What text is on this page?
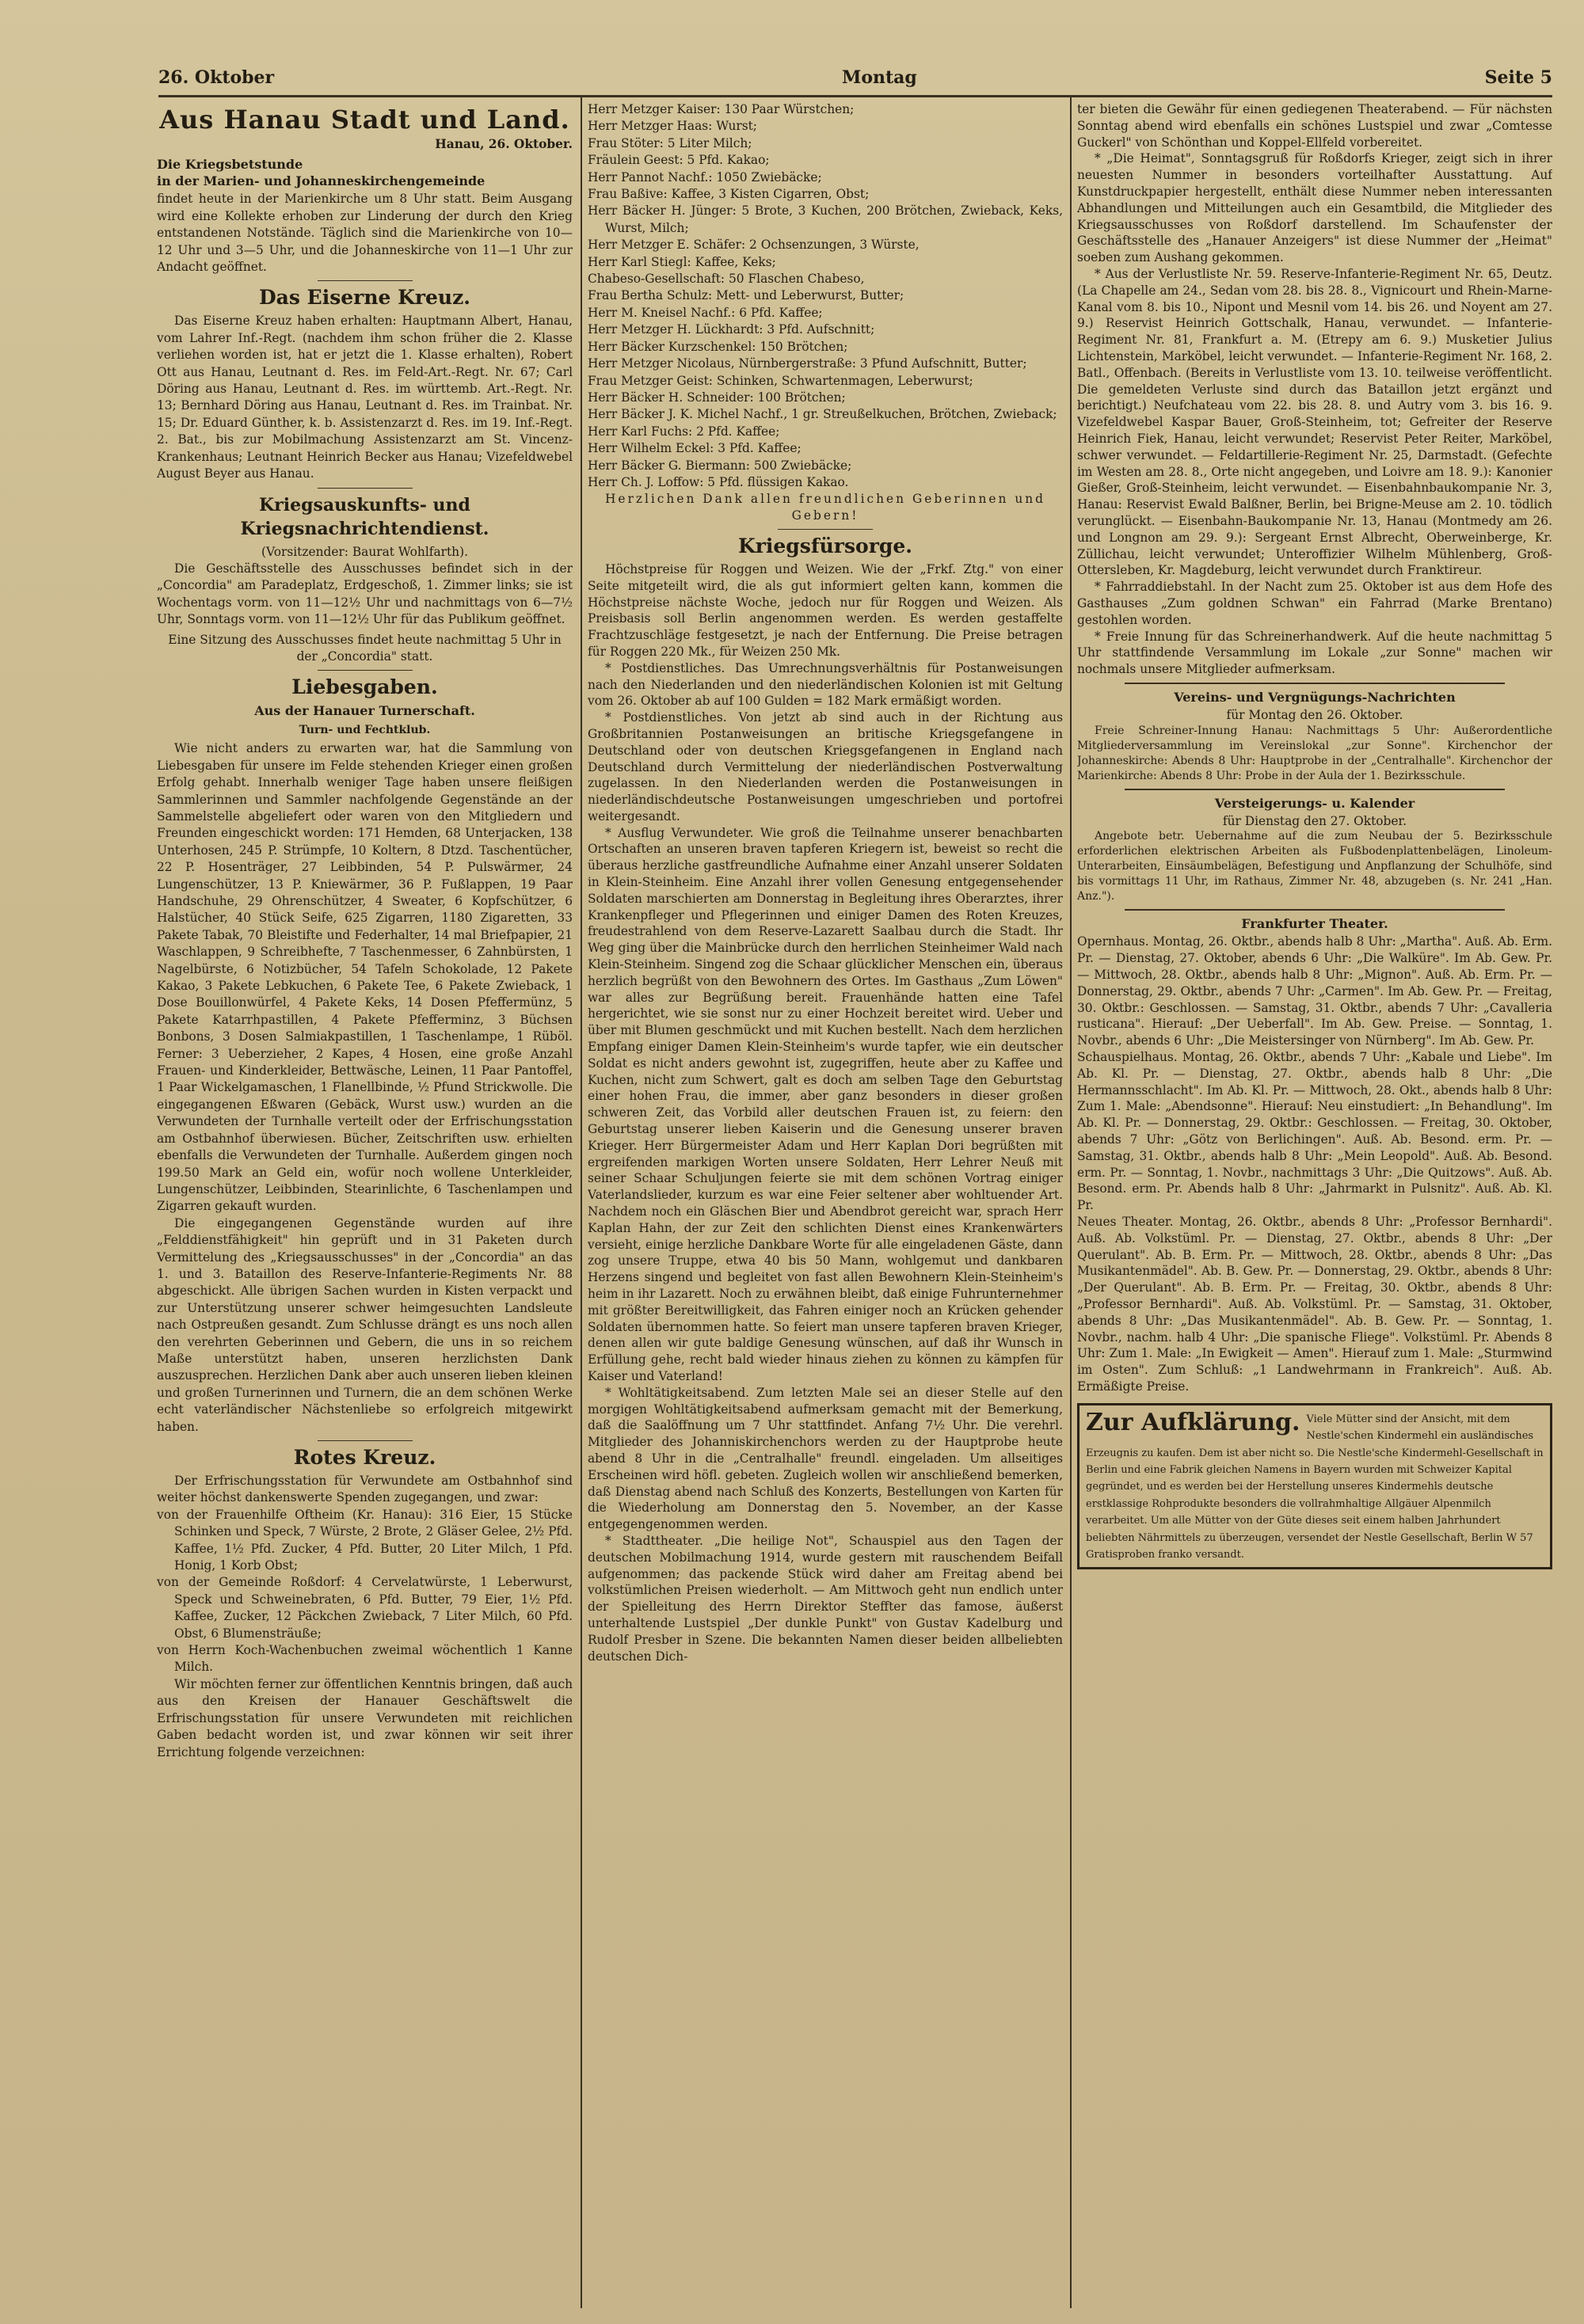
26. Oktober	Montag	Seite 5
Aus Hanau Stadt und Land.
Hanau, 26. Oktober.
Die Kriegsbetstunde
in der Marien- und Johanneskirchengemeinde

findet heute in der Marienkirche um 8 Uhr statt. Beim Ausgang wird eine Kollekte erhoben zur Linderung der durch den Krieg entstandenen Notstände. Täglich sind die Marienkirche von 10—12 Uhr und 3—5 Uhr, und die Johanneskirche von 11—1 Uhr zur Andacht geöffnet.

Das Eiserne Kreuz.

Das Eiserne Kreuz haben erhalten: Hauptmann Albert, Hanau, vom Lahrer Inf.-Regt. (nachdem ihm schon früher die 2. Klasse verliehen worden ist, hat er jetzt die 1. Klasse erhalten), Robert Ott aus Hanau, Leutnant d. Res. im Feld-Art.-Regt. Nr. 67; Carl Döring aus Hanau, Leutnant d. Res. im württemb. Art.-Regt. Nr. 13; Bernhard Döring aus Hanau, Leutnant d. Res. im Trainbat. Nr. 15; Dr. Eduard Günther, k. b. Assistenzarzt d. Res. im 19. Inf.-Regt. 2. Bat., bis zur Mobilmachung Assistenzarzt am St. Vincenz-Krankenhaus; Leutnant Heinrich Becker aus Hanau; Vizefeldwebel August Beyer aus Hanau.

Kriegsauskunfts- und Kriegsnachrichtendienst.

(Vorsitzender: Baurat Wohlfarth).

Die Geschäftsstelle des Ausschusses befindet sich in der „Concordia" am Paradeplatz, Erdgeschoß, 1. Zimmer links; sie ist Wochentags vorm. von 11—12½ Uhr und nachmittags von 6—7½ Uhr, Sonntags vorm. von 11—12½ Uhr für das Publikum geöffnet.

Eine Sitzung des Ausschusses findet heute nachmittag 5 Uhr in der „Concordia" statt.

Liebesgaben.
Aus der Hanauer Turnerschaft.
Turn- und Fechtklub.

Wie nicht anders zu erwarten war, hat die Sammlung von Liebesgaben für unsere im Felde stehenden Krieger einen großen Erfolg gehabt. Innerhalb weniger Tage haben unsere fleißigen Sammlerinnen und Sammler nachfolgende Gegenstände an der Sammelstelle abgeliefert oder waren von den Mitgliedern und Freunden eingeschickt worden: 171 Hemden, 68 Unterjacken, 138 Unterhosen, 245 P. Strümpfe, 10 Koltern, 8 Dtzd. Taschentücher, 22 P. Hosenträger, 27 Leibbinden, 54 P. Pulswärmer, 24 Lungenschützer, 13 P. Kniewärmer, 36 P. Fußlappen, 19 Paar Handschuhe, 29 Ohrenschützer, 4 Sweater, 6 Kopfschützer, 6 Halstücher, 40 Stück Seife, 625 Zigarren, 1180 Zigaretten, 33 Pakete Tabak, 70 Bleistifte und Federhalter, 14 mal Briefpapier, 21 Waschlappen, 9 Schreibhefte, 7 Taschenmesser, 6 Zahnbürsten, 1 Nagelbürste, 6 Notizbücher, 54 Tafeln Schokolade, 12 Pakete Kakao, 3 Pakete Lebkuchen, 6 Pakete Tee, 6 Pakete Zwieback, 1 Dose Bouillonwürfel, 4 Pakete Keks, 14 Dosen Pfeffermünz, 5 Pakete Katarrhpastillen, 4 Pakete Pfefferminz, 3 Büchsen Bonbons, 3 Dosen Salmiakpastillen, 1 Taschenlampe, 1 Rüböl. Ferner: 3 Ueberzieher, 2 Kapes, 4 Hosen, eine große Anzahl Frauen- und Kinderkleider, Bettwäsche, Leinen, 11 Paar Pantoffel, 1 Paar Wickelgamaschen, 1 Flanellbinde, ½ Pfund Strickwolle. Die eingegangenen Eßwaren (Gebäck, Wurst usw.) wurden an die Verwundeten der Turnhalle verteilt oder der Erfrischungsstation am Ostbahnhof überwiesen. Bücher, Zeitschriften usw. erhielten ebenfalls die Verwundeten der Turnhalle. Außerdem gingen noch 199.50 Mark an Geld ein, wofür noch wollene Unterkleider, Lungenschützer, Leibbinden, Stearinlichte, 6 Taschenlampen und Zigarren gekauft wurden.

Die eingegangenen Gegenstände wurden auf ihre „Felddienstfähigkeit" hin geprüft und in 31 Paketen durch Vermittelung des „Kriegsausschusses" in der „Concordia" an das 1. und 3. Bataillon des Reserve-Infanterie-Regiments Nr. 88 abgeschickt. Alle übrigen Sachen wurden in Kisten verpackt und zur Unterstützung unserer schwer heimgesuchten Landsleute nach Ostpreußen gesandt. Zum Schlusse drängt es uns noch allen den verehrten Geberinnen und Gebern, die uns in so reichem Maße unterstützt haben, unseren herzlichsten Dank auszusprechen. Herzlichen Dank aber auch unseren lieben kleinen und großen Turnerinnen und Turnern, die an dem schönen Werke echt vaterländischer Nächstenliebe so erfolgreich mitgewirkt haben.

Rotes Kreuz.

Der Erfrischungsstation für Verwundete am Ostbahnhof sind weiter höchst dankenswerte Spenden zugegangen, und zwar:

von der Frauenhilfe Oftheim (Kr. Hanau): 316 Eier, 15 Stücke Schinken und Speck, 7 Würste, 2 Brote, 2 Gläser Gelee, 2½ Pfd. Kaffee, 1½ Pfd. Zucker, 4 Pfd. Butter, 20 Liter Milch, 1 Pfd. Honig, 1 Korb Obst;
von der Gemeinde Roßdorf: 4 Cervelatwürste, 1 Leberwurst, Speck und Schweinebraten, 6 Pfd. Butter, 79 Eier, 1½ Pfd. Kaffee, Zucker, 12 Päckchen Zwieback, 7 Liter Milch, 60 Pfd. Obst, 6 Blumensträuße;
von Herrn Koch-Wachenbuchen zweimal wöchentlich 1 Kanne Milch.

Wir möchten ferner zur öffentlichen Kenntnis bringen, daß auch aus den Kreisen der Hanauer Geschäftswelt die Erfrischungsstation für unsere Verwundeten mit reichlichen Gaben bedacht worden ist, und zwar können wir seit ihrer Errichtung folgende verzeichnen:

Herr Metzger Kaiser: 130 Paar Würstchen;
Herr Metzger Haas: Wurst;
Frau Stöter: 5 Liter Milch;
Fräulein Geest: 5 Pfd. Kakao;
Herr Pannot Nachf.: 1050 Zwiebäcke;
Frau Baßive: Kaffee, 3 Kisten Cigarren, Obst;
Herr Bäcker H. Jünger: 5 Brote, 3 Kuchen, 200 Brötchen, Zwieback, Keks, Wurst, Milch;
Herr Metzger E. Schäfer: 2 Ochsenzungen, 3 Würste,
Herr Karl Stiegl: Kaffee, Keks;
Chabeso-Gesellschaft: 50 Flaschen Chabeso,
Frau Bertha Schulz: Mett- und Leberwurst, Butter;
Herr M. Kneisel Nachf.: 6 Pfd. Kaffee;
Herr Metzger H. Lückhardt: 3 Pfd. Aufschnitt;
Herr Bäcker Kurzschenkel: 150 Brötchen;
Herr Metzger Nicolaus, Nürnbergerstraße: 3 Pfund Aufschnitt, Butter;
Frau Metzger Geist: Schinken, Schwartenmagen, Leberwurst;
Herr Bäcker H. Schneider: 100 Brötchen;
Herr Bäcker J. K. Michel Nachf., 1 gr. Streußelkuchen, Brötchen, Zwieback;
Herr Karl Fuchs: 2 Pfd. Kaffee;
Herr Wilhelm Eckel: 3 Pfd. Kaffee;
Herr Bäcker G. Biermann: 500 Zwiebäcke;
Herr Ch. J. Loffow: 5 Pfd. flüssigen Kakao.

Herzlichen Dank allen freundlichen Geberinnen und Gebern!

Kriegsfürsorge.

Höchstpreise für Roggen und Weizen. Wie der „Frkf. Ztg." von einer Seite mitgeteilt wird, die als gut informiert gelten kann, kommen die Höchstpreise nächste Woche, jedoch nur für Roggen und Weizen. Als Preisbasis soll Berlin angenommen werden. Es werden gestaffelte Frachtzuschläge festgesetzt, je nach der Entfernung. Die Preise betragen für Roggen 220 Mk., für Weizen 250 Mk.

* Postdienstliches. Das Umrechnungsverhältnis für Postanweisungen nach den Niederlanden und den niederländischen Kolonien ist mit Geltung vom 26. Oktober ab auf 100 Gulden = 182 Mark ermäßigt worden.

* Postdienstliches. Von jetzt ab sind auch in der Richtung aus Großbritannien Postanweisungen an britische Kriegsgefangene in Deutschland oder von deutschen Kriegsgefangenen in England nach Deutschland durch Vermittelung der niederländischen Postverwaltung zugelassen. In den Niederlanden werden die Postanweisungen in niederländischdeutsche Postanweisungen umgeschrieben und portofrei weitergesandt.

* Ausflug Verwundeter. Wie groß die Teilnahme unserer benachbarten Ortschaften an unseren braven tapferen Kriegern ist, beweist so recht die überaus herzliche gastfreundliche Aufnahme einer Anzahl unserer Soldaten in Klein-Steinheim. Eine Anzahl ihrer vollen Genesung entgegensehender Soldaten marschierten am Donnerstag in Begleitung ihres Oberarztes, ihrer Krankenpfleger und Pflegerinnen und einiger Damen des Roten Kreuzes, freudestrahlend von dem Reserve-Lazarett Saalbau durch die Stadt. Ihr Weg ging über die Mainbrücke durch den herrlichen Steinheimer Wald nach Klein-Steinheim. Singend zog die Schaar glücklicher Menschen ein, überaus herzlich begrüßt von den Bewohnern des Ortes. Im Gasthaus „Zum Löwen" war alles zur Begrüßung bereit. Frauenhände hatten eine Tafel hergerichtet, wie sie sonst nur zu einer Hochzeit bereitet wird. Ueber und über mit Blumen geschmückt und mit Kuchen bestellt. Nach dem herzlichen Empfang einiger Damen Klein-Steinheim's wurde tapfer, wie ein deutscher Soldat es nicht anders gewohnt ist, zugegriffen, heute aber zu Kaffee und Kuchen, nicht zum Schwert, galt es doch am selben Tage den Geburtstag einer hohen Frau, die immer, aber ganz besonders in dieser großen schweren Zeit, das Vorbild aller deutschen Frauen ist, zu feiern: den Geburtstag unserer lieben Kaiserin und die Genesung unserer braven Krieger. Herr Bürgermeister Adam und Herr Kaplan Dori begrüßten mit ergreifenden markigen Worten unsere Soldaten, Herr Lehrer Neuß mit seiner Schaar Schuljungen feierte sie mit dem schönen Vortrag einiger Vaterlandslieder, kurzum es war eine Feier seltener aber wohltuender Art. Nachdem noch ein Gläschen Bier und Abendbrot gereicht war, sprach Herr Kaplan Hahn, der zur Zeit den schlichten Dienst eines Krankenwärters versieht, einige herzliche Dankbare Worte für alle eingeladenen Gäste, dann zog unsere Truppe, etwa 40 bis 50 Mann, wohlgemut und dankbaren Herzens singend und begleitet von fast allen Bewohnern Klein-Steinheim's heim in ihr Lazarett. Noch zu erwähnen bleibt, daß einige Fuhrunternehmer mit größter Bereitwilligkeit, das Fahren einiger noch an Krücken gehender Soldaten übernommen hatte. So feiert man unsere tapferen braven Krieger, denen allen wir gute baldige Genesung wünschen, auf daß ihr Wunsch in Erfüllung gehe, recht bald wieder hinaus ziehen zu können zu kämpfen für Kaiser und Vaterland!

* Wohltätigkeitsabend. Zum letzten Male sei an dieser Stelle auf den morgigen Wohltätigkeitsabend aufmerksam gemacht mit der Bemerkung, daß die Saalöffnung um 7 Uhr stattfindet. Anfang 7½ Uhr. Die verehrl. Mitglieder des Johanniskirchenchors werden zu der Hauptprobe heute abend 8 Uhr in die „Centralhalle" freundl. eingeladen. Um allseitiges Erscheinen wird höfl. gebeten. Zugleich wollen wir anschließend bemerken, daß Dienstag abend nach Schluß des Konzerts, Bestellungen von Karten für die Wiederholung am Donnerstag den 5. November, an der Kasse entgegengenommen werden.

* Stadttheater. „Die heilige Not", Schauspiel aus den Tagen der deutschen Mobilmachung 1914, wurde gestern mit rauschendem Beifall aufgenommen; das packende Stück wird daher am Freitag abend bei volkstümlichen Preisen wiederholt. — Am Mittwoch geht nun endlich unter der Spielleitung des Herrn Direktor Steffter das famose, äußerst unterhaltende Lustspiel „Der dunkle Punkt" von Gustav Kadelburg und Rudolf Presber in Szene. Die bekannten Namen dieser beiden allbeliebten deutschen Dich-

ter bieten die Gewähr für einen gediegenen Theaterabend. — Für nächsten Sonntag abend wird ebenfalls ein schönes Lustspiel und zwar „Comtesse Guckerl" von Schönthan und Koppel-Ellfeld vorbereitet.

* „Die Heimat", Sonntagsgruß für Roßdorfs Krieger, zeigt sich in ihrer neuesten Nummer in besonders vorteilhafter Ausstattung. Auf Kunstdruckpapier hergestellt, enthält diese Nummer neben interessanten Abhandlungen und Mitteilungen auch ein Gesamtbild, die Mitglieder des Kriegsausschusses von Roßdorf darstellend. Im Schaufenster der Geschäftsstelle des „Hanauer Anzeigers" ist diese Nummer der „Heimat" soeben zum Aushang gekommen.

* Aus der Verlustliste Nr. 59. Reserve-Infanterie-Regiment Nr. 65, Deutz. (La Chapelle am 24., Sedan vom 28. bis 28. 8., Vignicourt und Rhein-Marne-Kanal vom 8. bis 10., Nipont und Mesnil vom 14. bis 26. und Noyent am 27. 9.) Reservist Heinrich Gottschalk, Hanau, verwundet. — Infanterie-Regiment Nr. 81, Frankfurt a. M. (Etrepy am 6. 9.) Musketier Julius Lichtenstein, Marköbel, leicht verwundet. — Infanterie-Regiment Nr. 168, 2. Batl., Offenbach. (Bereits in Verlustliste vom 13. 10. teilweise veröffentlicht. Die gemeldeten Verluste sind durch das Bataillon jetzt ergänzt und berichtigt.) Neufchateau vom 22. bis 28. 8. und Autry vom 3. bis 16. 9. Vizefeldwebel Kaspar Bauer, Groß-Steinheim, tot; Gefreiter der Reserve Heinrich Fiek, Hanau, leicht verwundet; Reservist Peter Reiter, Marköbel, schwer verwundet. — Feldartillerie-Regiment Nr. 25, Darmstadt. (Gefechte im Westen am 28. 8., Orte nicht angegeben, und Loivre am 18. 9.): Kanonier Gießer, Groß-Steinheim, leicht verwundet. — Eisenbahnbaukompanie Nr. 3, Hanau: Reservist Ewald Balßner, Berlin, bei Brigne-Meuse am 2. 10. tödlich verunglückt. — Eisenbahn-Baukompanie Nr. 13, Hanau (Montmedy am 26. und Longnon am 29. 9.): Sergeant Ernst Albrecht, Oberweinberge, Kr. Züllichau, leicht verwundet; Unteroffizier Wilhelm Mühlenberg, Groß-Ottersleben, Kr. Magdeburg, leicht verwundet durch Franktireur.

* Fahrraddiebstahl. In der Nacht zum 25. Oktober ist aus dem Hofe des Gasthauses „Zum goldnen Schwan" ein Fahrrad (Marke Brentano) gestohlen worden.

* Freie Innung für das Schreinerhandwerk. Auf die heute nachmittag 5 Uhr stattfindende Versammlung im Lokale „zur Sonne" machen wir nochmals unsere Mitglieder aufmerksam.

Vereins- und Vergnügungs-Nachrichten

für Montag den 26. Oktober.

Freie Schreiner-Innung Hanau: Nachmittags 5 Uhr: Außerordentliche Mitgliederversammlung im Vereinslokal „zur Sonne". Kirchenchor der Johanneskirche: Abends 8 Uhr: Hauptprobe in der „Centralhalle". Kirchenchor der Marienkirche: Abends 8 Uhr: Probe in der Aula der 1. Bezirksschule.

Versteigerungs- u. Kalender

für Dienstag den 27. Oktober.

Angebote betr. Uebernahme auf die zum Neubau der 5. Bezirksschule erforderlichen elektrischen Arbeiten als Fußbodenplattenbelägen, Linoleum-Unterarbeiten, Einsäumbelägen, Befestigung und Anpflanzung der Schulhöfe, sind bis vormittags 11 Uhr, im Rathaus, Zimmer Nr. 48, abzugeben (s. Nr. 241 „Han. Anz.").

Frankfurter Theater.

Opernhaus. Montag, 26. Oktbr., abends halb 8 Uhr: „Martha". Auß. Ab. Erm. Pr. — Dienstag, 27. Oktober, abends 6 Uhr: „Die Walküre". Im Ab. Gew. Pr. — Mittwoch, 28. Oktbr., abends halb 8 Uhr: „Mignon". Auß. Ab. Erm. Pr. — Donnerstag, 29. Oktbr., abends 7 Uhr: „Carmen". Im Ab. Gew. Pr. — Freitag, 30. Oktbr.: Geschlossen. — Samstag, 31. Oktbr., abends 7 Uhr: „Cavalleria rusticana". Hierauf: „Der Ueberfall". Im Ab. Gew. Preise. — Sonntag, 1. Novbr., abends 6 Uhr: „Die Meistersinger von Nürnberg". Im Ab. Gew. Pr.

Schauspielhaus. Montag, 26. Oktbr., abends 7 Uhr: „Kabale und Liebe". Im Ab. Kl. Pr. — Dienstag, 27. Oktbr., abends halb 8 Uhr: „Die Hermannsschlacht". Im Ab. Kl. Pr. — Mittwoch, 28. Okt., abends halb 8 Uhr: Zum 1. Male: „Abendsonne". Hierauf: Neu einstudiert: „In Behandlung". Im Ab. Kl. Pr. — Donnerstag, 29. Oktbr.: Geschlossen. — Freitag, 30. Oktober, abends 7 Uhr: „Götz von Berlichingen". Auß. Ab. Besond. erm. Pr. — Samstag, 31. Oktbr., abends halb 8 Uhr: „Mein Leopold". Auß. Ab. Besond. erm. Pr. — Sonntag, 1. Novbr., nachmittags 3 Uhr: „Die Quitzows". Auß. Ab. Besond. erm. Pr. Abends halb 8 Uhr: „Jahrmarkt in Pulsnitz". Auß. Ab. Kl. Pr.

Neues Theater. Montag, 26. Oktbr., abends 8 Uhr: „Professor Bernhardi". Auß. Ab. Volkstüml. Pr. — Dienstag, 27. Oktbr., abends 8 Uhr: „Der Querulant". Ab. B. Erm. Pr. — Mittwoch, 28. Oktbr., abends 8 Uhr: „Das Musikantenmädel". Ab. B. Gew. Pr. — Donnerstag, 29. Oktbr., abends 8 Uhr: „Der Querulant". Ab. B. Erm. Pr. — Freitag, 30. Oktbr., abends 8 Uhr: „Professor Bernhardi". Auß. Ab. Volkstüml. Pr. — Samstag, 31. Oktober, abends 8 Uhr: „Das Musikantenmädel". Ab. B. Gew. Pr. — Sonntag, 1. Novbr., nachm. halb 4 Uhr: „Die spanische Fliege". Volkstüml. Pr. Abends 8 Uhr: Zum 1. Male: „In Ewigkeit — Amen". Hierauf zum 1. Male: „Sturmwind im Osten". Zum Schluß: „1 Landwehrmann in Frankreich". Auß. Ab. Ermäßigte Preise.

Zur Aufklärung. Viele Mütter sind der Ansicht, mit dem Nestle'schen Kindermehl ein ausländisches Erzeugnis zu kaufen. Dem ist aber nicht so. Die Nestle'sche Kindermehl-Gesellschaft in Berlin und eine Fabrik gleichen Namens in Bayern wurden mit Schweizer Kapital gegründet, und es werden bei der Herstellung unseres Kindermehls deutsche erstklassige Rohprodukte besonders die vollrahmhaltige Allgäuer Alpenmilch verarbeitet. Um alle Mütter von der Güte dieses seit einem halben Jahrhundert beliebten Nährmittels zu überzeugen, versendet der Nestle Gesellschaft, Berlin W 57 Gratisproben franko versandt.
